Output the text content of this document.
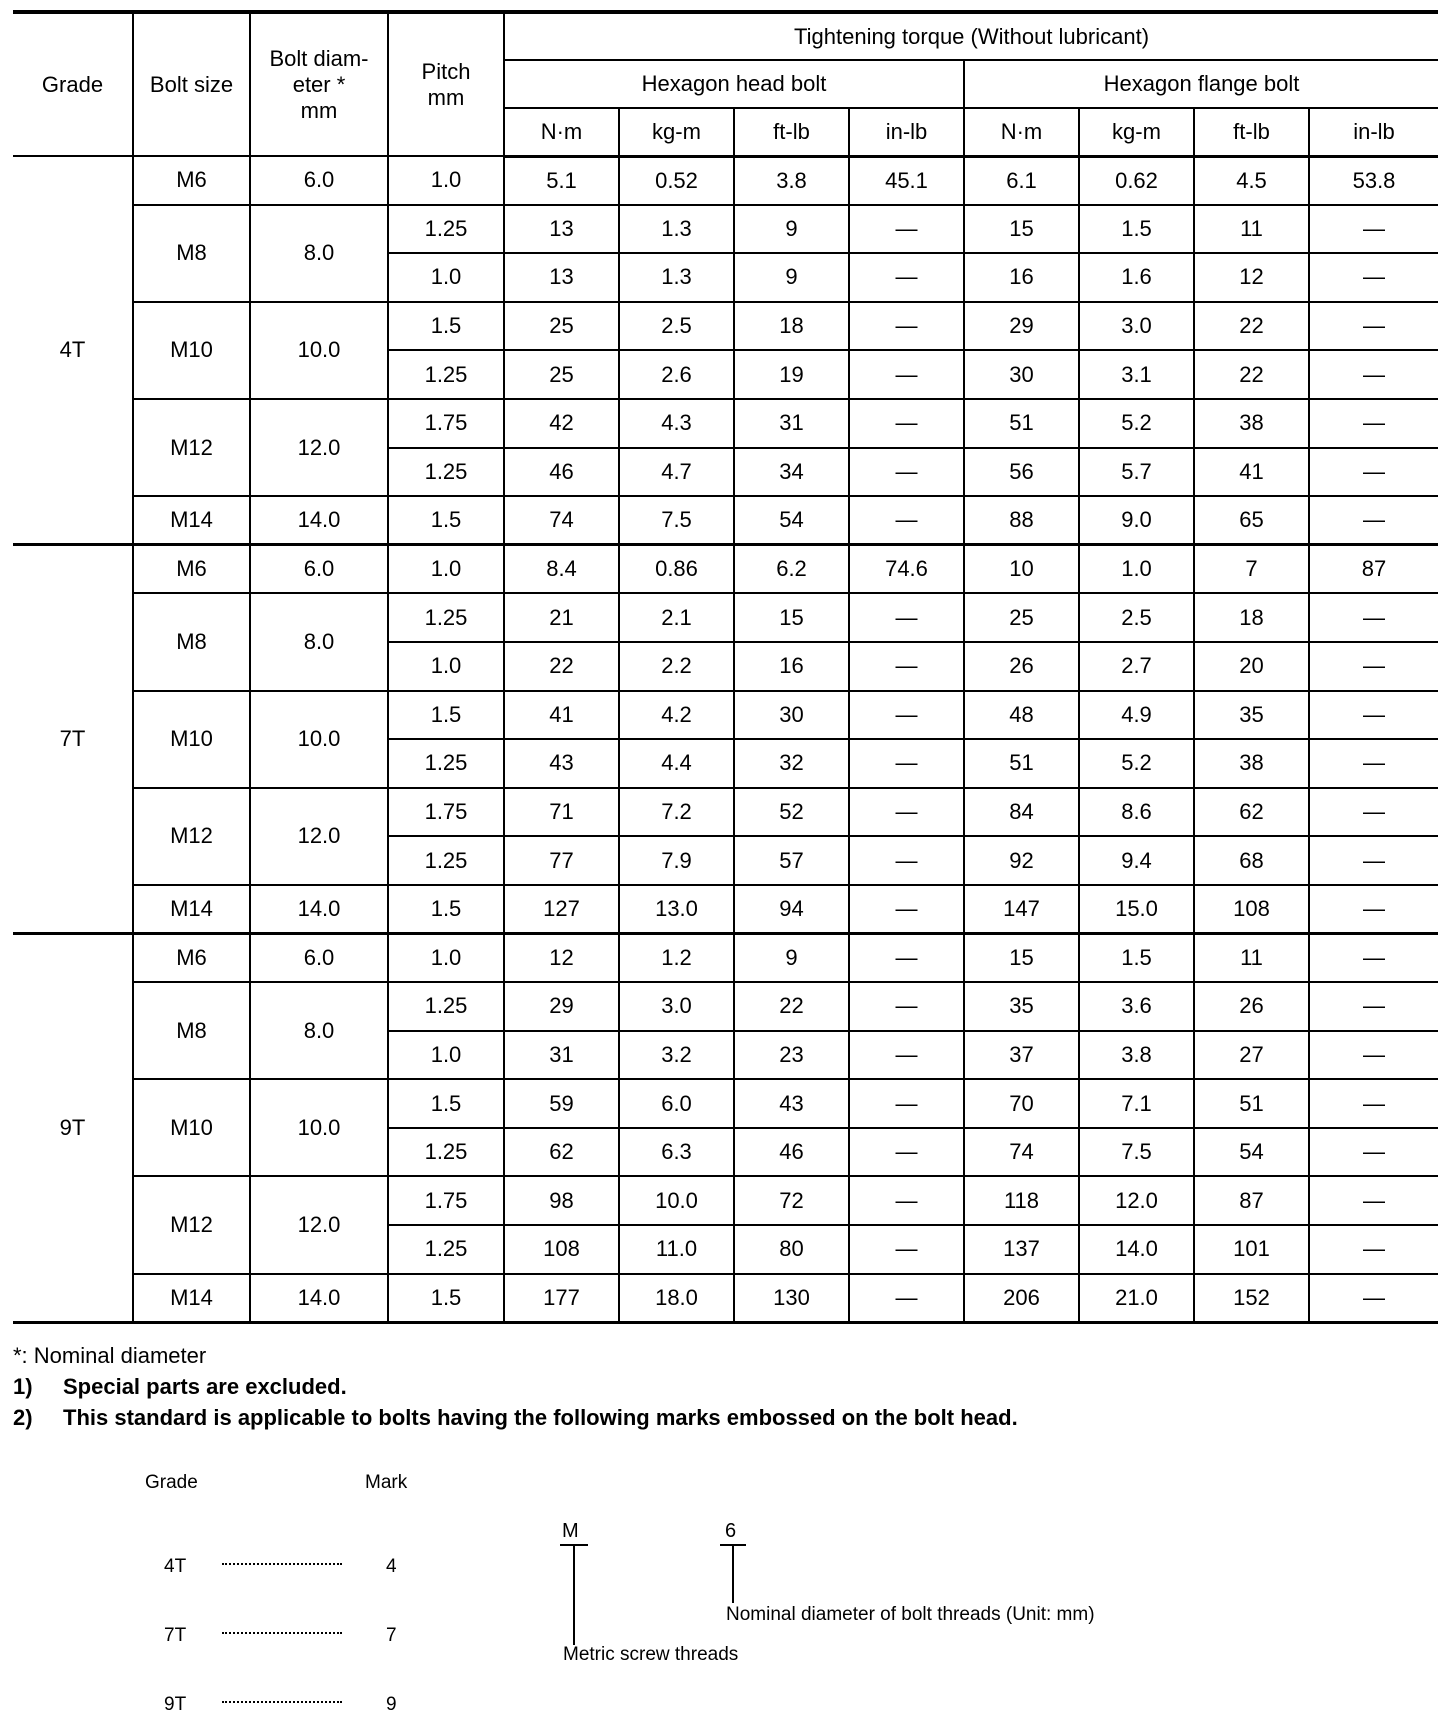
Grade	Bolt size	Bolt diam-
eter *
mm	Pitch
mm	Tightening torque (Without lubricant)							
				Hexagon head bolt				Hexagon flange bolt			
				N·m	kg-m	ft-lb	in-lb	N·m	kg-m	ft-lb	in-lb
4T	M6	6.0	1.0	5.1	0.52	3.8	45.1	6.1	0.62	4.5	53.8
	M8	8.0	1.25	13	1.3	9	—	15	1.5	11	—
			1.0	13	1.3	9	—	16	1.6	12	—
	M10	10.0	1.5	25	2.5	18	—	29	3.0	22	—
			1.25	25	2.6	19	—	30	3.1	22	—
	M12	12.0	1.75	42	4.3	31	—	51	5.2	38	—
			1.25	46	4.7	34	—	56	5.7	41	—
	M14	14.0	1.5	74	7.5	54	—	88	9.0	65	—
7T	M6	6.0	1.0	8.4	0.86	6.2	74.6	10	1.0	7	87
	M8	8.0	1.25	21	2.1	15	—	25	2.5	18	—
			1.0	22	2.2	16	—	26	2.7	20	—
	M10	10.0	1.5	41	4.2	30	—	48	4.9	35	—
			1.25	43	4.4	32	—	51	5.2	38	—
	M12	12.0	1.75	71	7.2	52	—	84	8.6	62	—
			1.25	77	7.9	57	—	92	9.4	68	—
	M14	14.0	1.5	127	13.0	94	—	147	15.0	108	—
9T	M6	6.0	1.0	12	1.2	9	—	15	1.5	11	—
	M8	8.0	1.25	29	3.0	22	—	35	3.6	26	—
			1.0	31	3.2	23	—	37	3.8	27	—
	M10	10.0	1.5	59	6.0	43	—	70	7.1	51	—
			1.25	62	6.3	46	—	74	7.5	54	—
	M12	12.0	1.75	98	10.0	72	—	118	12.0	87	—
			1.25	108	11.0	80	—	137	14.0	101	—
	M14	14.0	1.5	177	18.0	130	—	206	21.0	152	—
*: Nominal diameter
1) Special parts are excluded.
2) This standard is applicable to bolts having the following marks embossed on the bolt head.
Grade	Mark
4T	4
7T	7
9T	9
M	6
Nominal diameter of bolt threads (Unit: mm)
Metric screw threads
